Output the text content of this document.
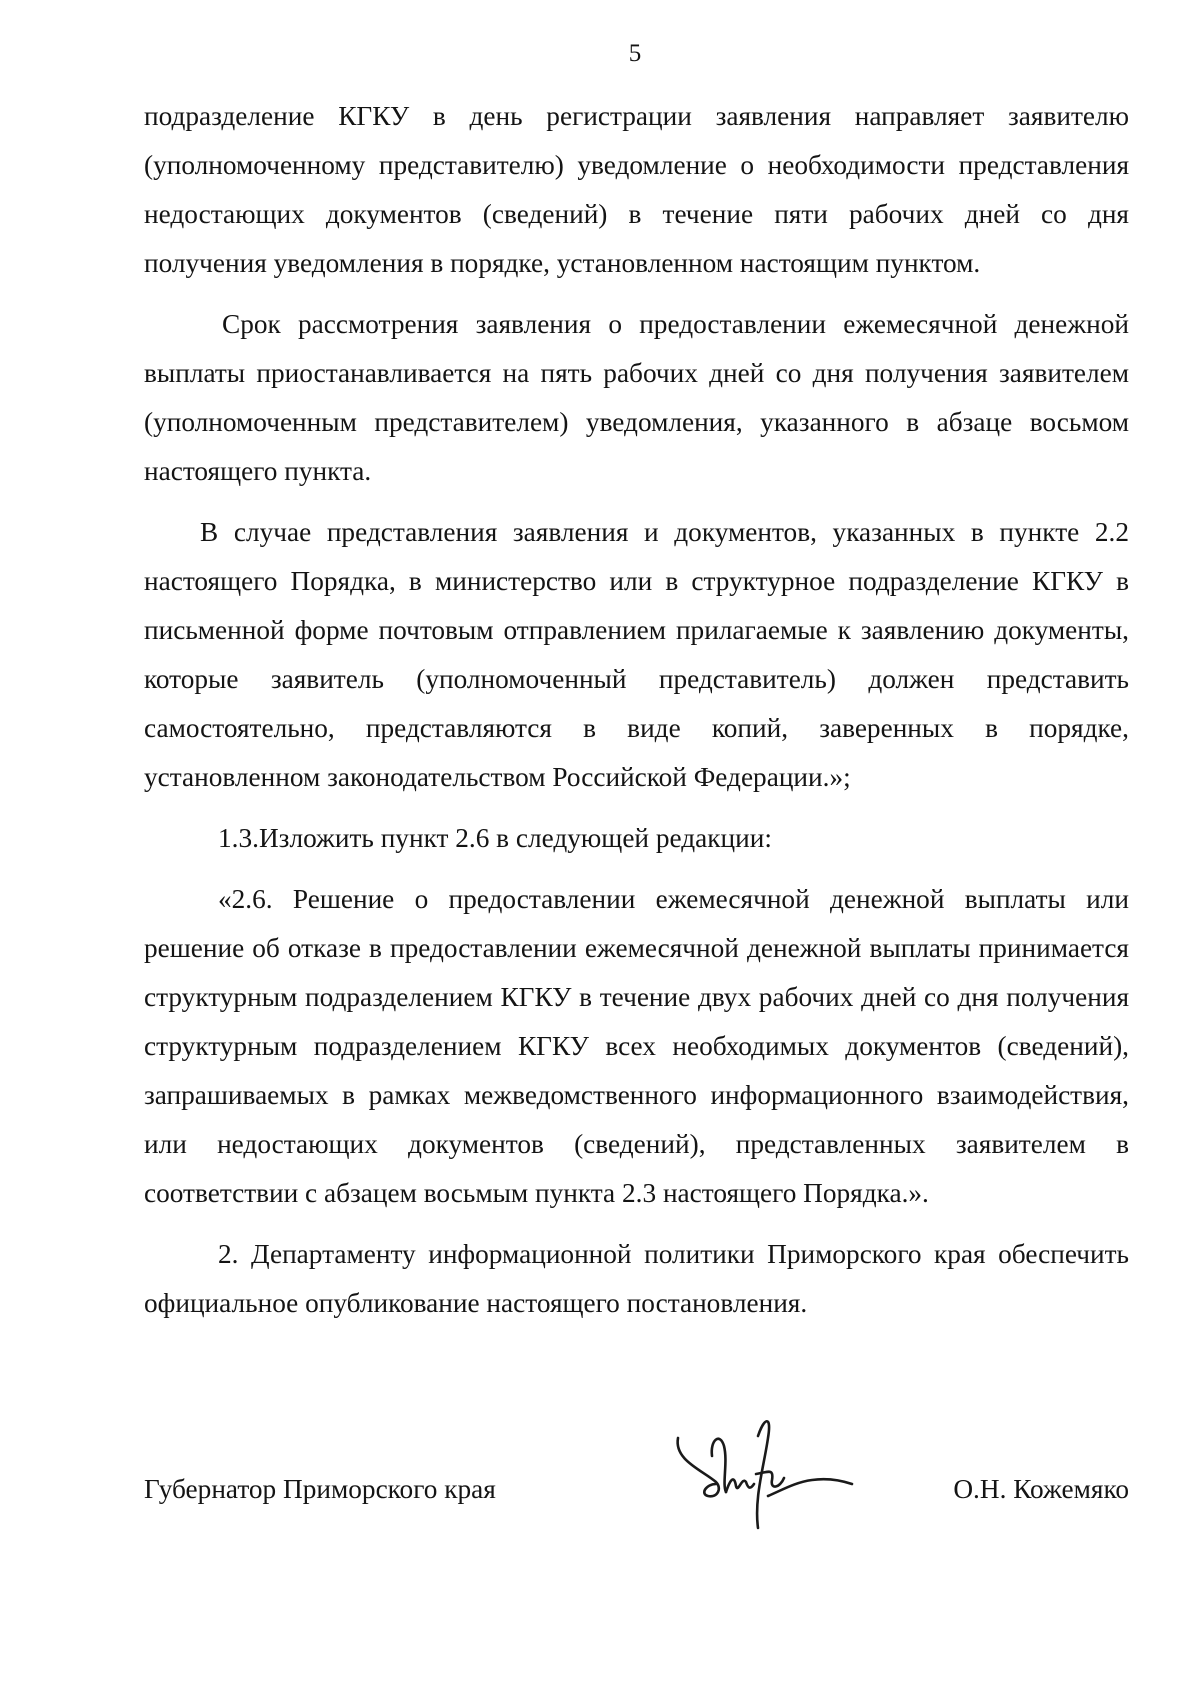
5

подразделение КГКУ в день регистрации заявления направляет заявителю (уполномоченному представителю) уведомление о необходимости представления недостающих документов (сведений) в течение пяти рабочих дней со дня получения уведомления в порядке, установленном настоящим пунктом.

Срок рассмотрения заявления о предоставлении ежемесячной денежной выплаты приостанавливается на пять рабочих дней со дня получения заявителем (уполномоченным представителем) уведомления, указанного в абзаце восьмом настоящего пункта.

В случае представления заявления и документов, указанных в пункте 2.2 настоящего Порядка, в министерство или в структурное подразделение КГКУ в письменной форме почтовым отправлением прилагаемые к заявлению документы, которые заявитель (уполномоченный представитель) должен представить самостоятельно, представляются в виде копий, заверенных в порядке, установленном законодательством Российской Федерации.»;

1.3.Изложить пункт 2.6 в следующей редакции:

«2.6. Решение о предоставлении ежемесячной денежной выплаты или решение об отказе в предоставлении ежемесячной денежной выплаты принимается структурным подразделением КГКУ в течение двух рабочих дней со дня получения структурным подразделением КГКУ всех необходимых документов (сведений), запрашиваемых в рамках межведомственного информационного взаимодействия, или недостающих документов (сведений), представленных заявителем в соответствии с абзацем восьмым пункта 2.3 настоящего Порядка.».

2. Департаменту информационной политики Приморского края обеспечить официальное опубликование настоящего постановления.

Губернатор Приморского края	О.Н. Кожемяко
